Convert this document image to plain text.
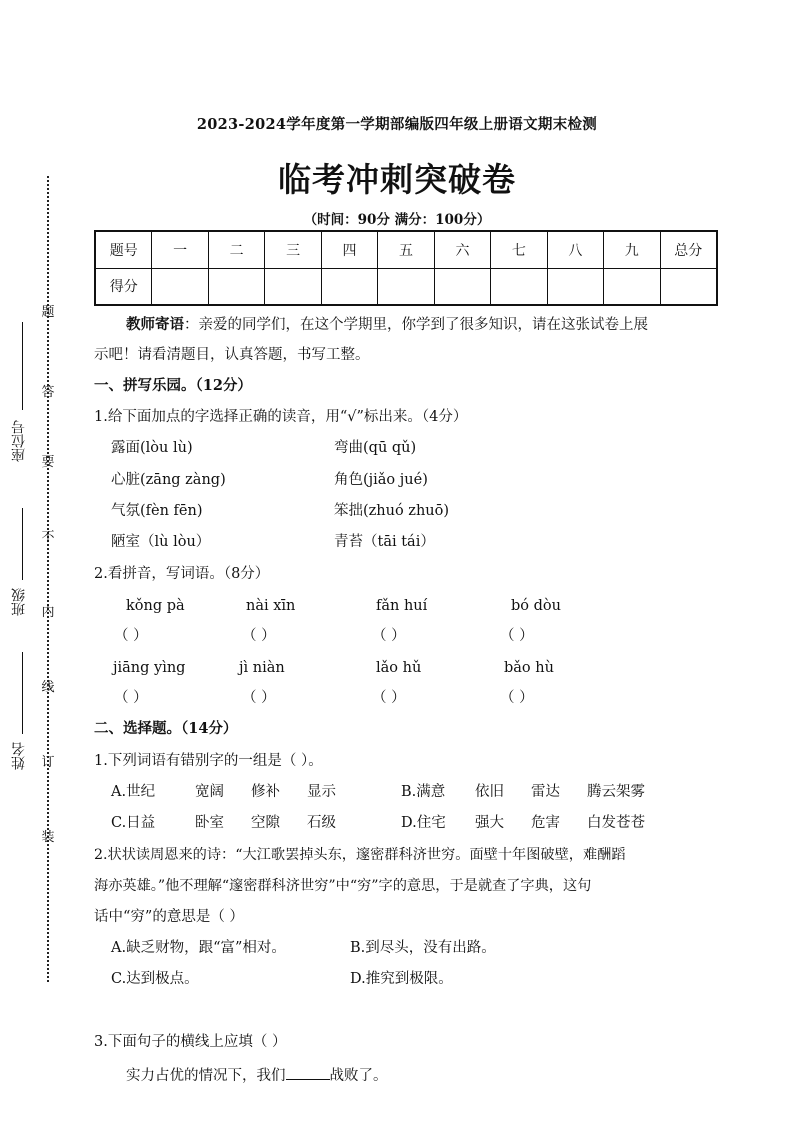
2023-2024学年度第一学期部编版四年级上册语文期末检测
临考冲刺突破卷
（时间：90分 满分：100分）
题号	一	二	三	四	五	六	七	八	九	总分
得分										
题
答
要
不
内
线
订
装
座位号
班级
姓名
教师寄语：亲爱的同学们，在这个学期里，你学到了很多知识，请在这张试卷上展
示吧！请看清题目，认真答题，书写工整。
一、拼写乐园。（12分）
1.给下面加点的字选择正确的读音，用“√”标出来。（4分）
露面(lòu lù)	弯曲(qū qǔ)
心脏(zāng zàng)	角色(jiǎo jué)
气氛(fèn fēn)	笨拙(zhuó zhuō)
陋室（lù lòu）	青苔（tāi tái）
2.看拼音，写词语。（8分）
kǒng pà	nài xīn	fǎn huí	bó dòu
（ ）	（ ）	（ ）	（ ）
jiāng yìng	jì niàn	lǎo hǔ	bǎo hù
（ ）	（ ）	（ ）	（ ）
二、选择题。（14分）
1.下列词语有错别字的一组是（ ）。
A.世纪	宽阔 修补 显示	B.满意 依旧 雷达 腾云架雾
C.日益	卧室 空隙 石级	D.住宅 强大 危害 白发苍苍
2.状状读周恩来的诗：“大江歌罢掉头东，邃密群科济世穷。面壁十年图破壁，难酬蹈
海亦英雄。”他不理解“邃密群科济世穷”中“穷”字的意思，于是就查了字典，这句
话中“穷”的意思是（ ）
A.缺乏财物，跟“富”相对。	B.到尽头，没有出路。
C.达到极点。	D.推究到极限。
3.下面句子的横线上应填（ ）
实力占优的情况下，我们	战败了。
